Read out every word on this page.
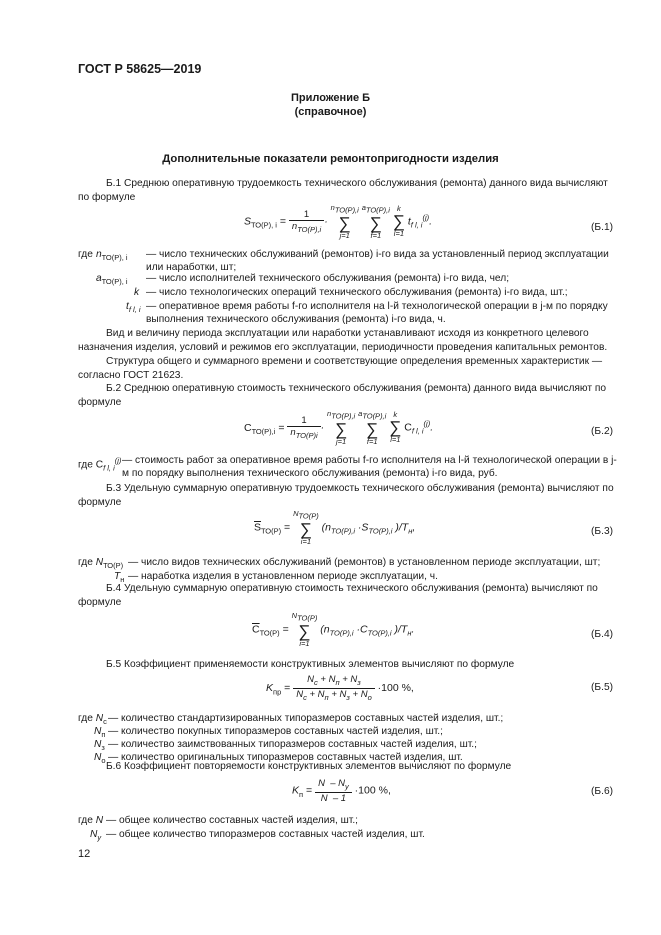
ГОСТ Р 58625—2019
Приложение Б
(справочное)
Дополнительные показатели ремонтопригодности изделия
Б.1 Среднюю оперативную трудоемкость технического обслуживания (ремонта) данного вида вычисляют по формуле
$S_{ТО(Р), i} = \frac{1}{n_{ТО(Р),i}}$ ·
$n_{ТО(Р),i}$
∑
j=1

$a_{ТО(Р),i}$
∑
f=1

k
∑
l=1
$t_{f l, i}^{(j)}$.	(Б.1)
где $n_{ТО(Р), i}$ — число технических обслуживаний (ремонтов) i-го вида за установленный период эксплуатации или наработки, шт;
$a_{ТО(Р), i}$ — число исполнителей технического обслуживания (ремонта) i-го вида, чел;
k — число технологических операций технического обслуживания (ремонта) i-го вида, шт.;
$t_{f l, i}$ — оперативное время работы f-го исполнителя на l-й технологической операции в j-м по порядку выполнения технического обслуживания (ремонта) i-го вида, ч.
Вид и величину периода эксплуатации или наработки устанавливают исходя из конкретного целевого назначения изделия, условий и режимов его эксплуатации, периодичности проведения капитальных ремонтов.
Структура общего и суммарного времени и соответствующие определения временных характеристик — согласно ГОСТ 21623.
Б.2 Среднюю оперативную стоимость технического обслуживания (ремонта) данного вида вычисляют по формуле
$C_{ТО(Р),i} = \frac{1}{n_{ТО(Р)i}}$ ·
$n_{ТО(Р),i}$
∑
j=1

$a_{ТО(Р),i}$
∑
f=1

k
∑
l=1
$C_{f l, i}^{(j)}$.	(Б.2)
где $C_{f l, i}^{(j)}$ — стоимость работ за оперативное время работы f-го исполнителя на l-й технологической операции в j-м по порядку выполнения технического обслуживания (ремонта) i-го вида, руб.
Б.3 Удельную суммарную оперативную трудоемкость технического обслуживания (ремонта) вычисляют по формуле
$\overline{S}_{ТО(Р)}$ =
$N_{ТО(Р)}$
∑
i=1
($n_{ТО(Р),i} \cdot S_{ТО(Р),i}$ )$/T_н$,	(Б.3)
где $N_{ТО(Р)}$ — число видов технических обслуживаний (ремонтов) в установленном периоде эксплуатации, шт;
$T_н$ — наработка изделия в установленном периоде эксплуатации, ч.
Б.4 Удельную суммарную оперативную стоимость технического обслуживания (ремонта) вычисляют по формуле
$\overline{C}_{ТО(Р)}$ =
$N_{ТО(Р)}$
∑
i=1
($n_{ТО(Р),i} \cdot C_{ТО(Р),i}$ )$/T_н$.	(Б.4)
Б.5 Коэффициент применяемости конструктивных элементов вычисляют по формуле
$K_{пр} = \frac{N_с + N_п + N_з}{N_с + N_п + N_з + N_о} \cdot 100$ %,	(Б.5)
где $N_с$ — количество стандартизированных типоразмеров составных частей изделия, шт.;
$N_п$ — количество покупных типоразмеров составных частей изделия, шт.;
$N_з$ — количество заимствованных типоразмеров составных частей изделия, шт.;
$N_о$ — количество оригинальных типоразмеров составных частей изделия, шт.
Б.6 Коэффициент повторяемости конструктивных элементов вычисляют по формуле
$K_п = \frac{N - N_y}{N - 1} \cdot 100$ %,	(Б.6)
где N — общее количество составных частей изделия, шт.;
$N_y$ — общее количество типоразмеров составных частей изделия, шт.
12
